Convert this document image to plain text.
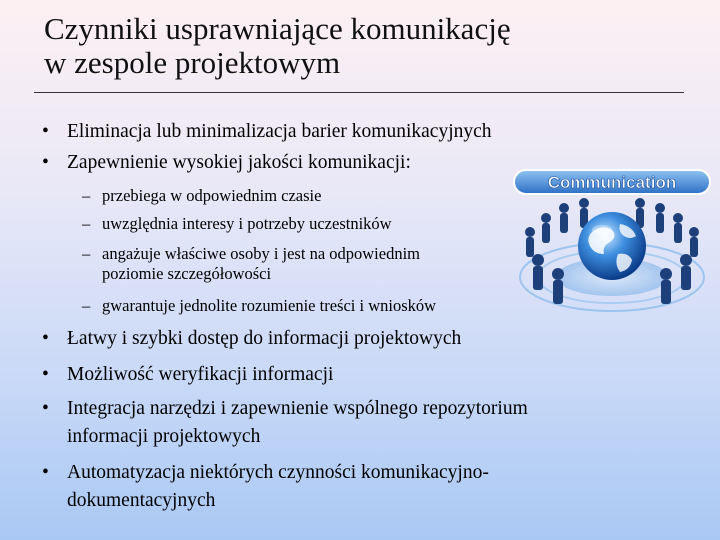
Czynniki usprawniające komunikację
w zespole projektowym
• Eliminacja lub minimalizacja barier komunikacyjnych
• Zapewnienie wysokiej jakości komunikacji:
– przebiega w odpowiednim czasie
– uwzględnia interesy i potrzeby uczestników
– angażuje właściwe osoby i jest na odpowiednim
poziomie szczegółowości
– gwarantuje jednolite rozumienie treści i wniosków
• Łatwy i szybki dostęp do informacji projektowych
• Możliwość weryfikacji informacji
• Integracja narzędzi i zapewnienie wspólnego repozytorium
informacji projektowych
• Automatyzacja niektórych czynności komunikacyjno-
dokumentacyjnych
Communication
